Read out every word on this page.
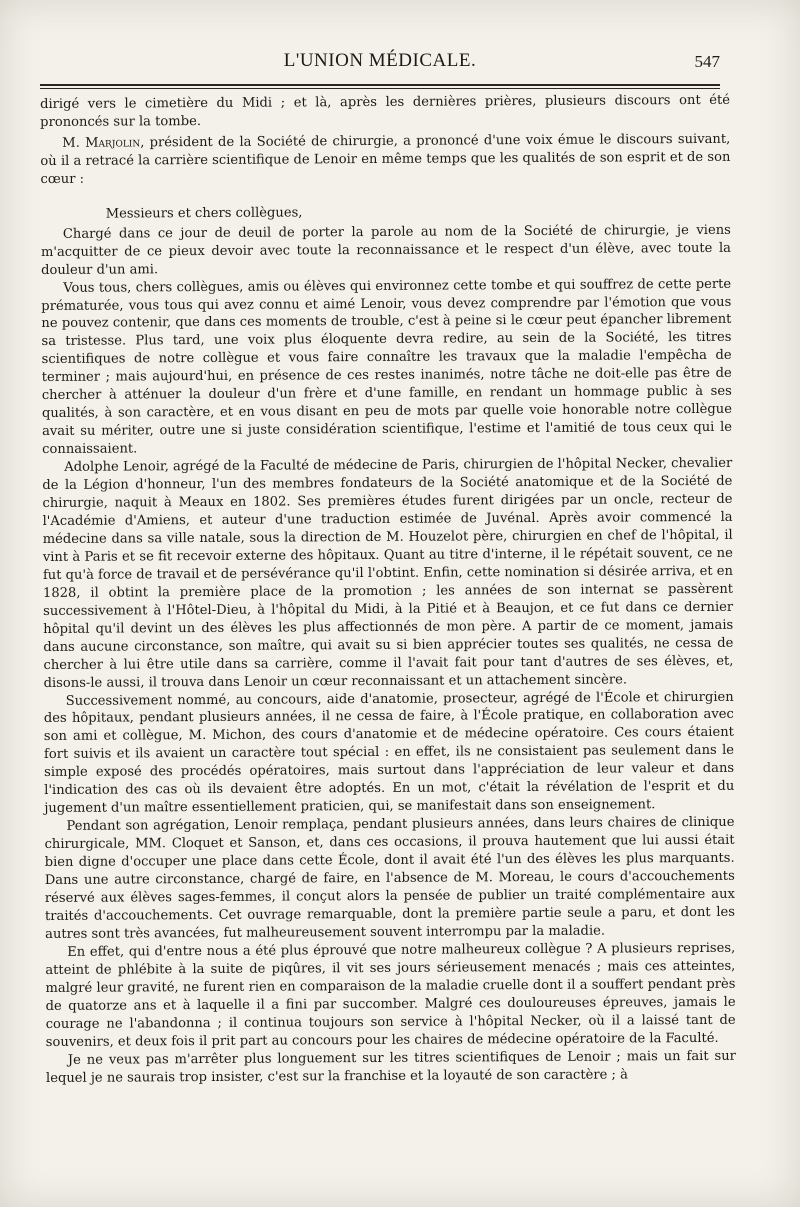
L'UNION MÉDICALE.	547

dirigé vers le cimetière du Midi ; et là, après les dernières prières, plusieurs discours ont été prononcés sur la tombe.

M. Marjolin, président de la Société de chirurgie, a prononcé d'une voix émue le discours suivant, où il a retracé la carrière scientifique de Lenoir en même temps que les qualités de son esprit et de son cœur :

Messieurs et chers collègues,

Chargé dans ce jour de deuil de porter la parole au nom de la Société de chirurgie, je viens m'acquitter de ce pieux devoir avec toute la reconnaissance et le respect d'un élève, avec toute la douleur d'un ami.

Vous tous, chers collègues, amis ou élèves qui environnez cette tombe et qui souffrez de cette perte prématurée, vous tous qui avez connu et aimé Lenoir, vous devez comprendre par l'émotion que vous ne pouvez contenir, que dans ces moments de trouble, c'est à peine si le cœur peut épancher librement sa tristesse. Plus tard, une voix plus éloquente devra redire, au sein de la Société, les titres scientifiques de notre collègue et vous faire connaître les travaux que la maladie l'empêcha de terminer ; mais aujourd'hui, en présence de ces restes inanimés, notre tâche ne doit-elle pas être de chercher à atténuer la douleur d'un frère et d'une famille, en rendant un hommage public à ses qualités, à son caractère, et en vous disant en peu de mots par quelle voie honorable notre collègue avait su mériter, outre une si juste considération scientifique, l'estime et l'amitié de tous ceux qui le connaissaient.

Adolphe Lenoir, agrégé de la Faculté de médecine de Paris, chirurgien de l'hôpital Necker, chevalier de la Légion d'honneur, l'un des membres fondateurs de la Société anatomique et de la Société de chirurgie, naquit à Meaux en 1802. Ses premières études furent dirigées par un oncle, recteur de l'Académie d'Amiens, et auteur d'une traduction estimée de Juvénal. Après avoir commencé la médecine dans sa ville natale, sous la direction de M. Houzelot père, chirurgien en chef de l'hôpital, il vint à Paris et se fit recevoir externe des hôpitaux. Quant au titre d'interne, il le répétait souvent, ce ne fut qu'à force de travail et de persévérance qu'il l'obtint. Enfin, cette nomination si désirée arriva, et en 1828, il obtint la première place de la promotion ; les années de son internat se passèrent successivement à l'Hôtel-Dieu, à l'hôpital du Midi, à la Pitié et à Beaujon, et ce fut dans ce dernier hôpital qu'il devint un des élèves les plus affectionnés de mon père. A partir de ce moment, jamais dans aucune circonstance, son maître, qui avait su si bien apprécier toutes ses qualités, ne cessa de chercher à lui être utile dans sa carrière, comme il l'avait fait pour tant d'autres de ses élèves, et, disons-le aussi, il trouva dans Lenoir un cœur reconnaissant et un attachement sincère.

Successivement nommé, au concours, aide d'anatomie, prosecteur, agrégé de l'École et chirurgien des hôpitaux, pendant plusieurs années, il ne cessa de faire, à l'École pratique, en collaboration avec son ami et collègue, M. Michon, des cours d'anatomie et de médecine opératoire. Ces cours étaient fort suivis et ils avaient un caractère tout spécial : en effet, ils ne consistaient pas seulement dans le simple exposé des procédés opératoires, mais surtout dans l'appréciation de leur valeur et dans l'indication des cas où ils devaient être adoptés. En un mot, c'était la révélation de l'esprit et du jugement d'un maître essentiellement praticien, qui, se manifestait dans son enseignement.

Pendant son agrégation, Lenoir remplaça, pendant plusieurs années, dans leurs chaires de clinique chirurgicale, MM. Cloquet et Sanson, et, dans ces occasions, il prouva hautement que lui aussi était bien digne d'occuper une place dans cette École, dont il avait été l'un des élèves les plus marquants. Dans une autre circonstance, chargé de faire, en l'absence de M. Moreau, le cours d'accouchements réservé aux élèves sages-femmes, il conçut alors la pensée de publier un traité complémentaire aux traités d'accouchements. Cet ouvrage remarquable, dont la première partie seule a paru, et dont les autres sont très avancées, fut malheureusement souvent interrompu par la maladie.

En effet, qui d'entre nous a été plus éprouvé que notre malheureux collègue ? A plusieurs reprises, atteint de phlébite à la suite de piqûres, il vit ses jours sérieusement menacés ; mais ces atteintes, malgré leur gravité, ne furent rien en comparaison de la maladie cruelle dont il a souffert pendant près de quatorze ans et à laquelle il a fini par succomber. Malgré ces douloureuses épreuves, jamais le courage ne l'abandonna ; il continua toujours son service à l'hôpital Necker, où il a laissé tant de souvenirs, et deux fois il prit part au concours pour les chaires de médecine opératoire de la Faculté.

Je ne veux pas m'arrêter plus longuement sur les titres scientifiques de Lenoir ; mais un fait sur lequel je ne saurais trop insister, c'est sur la franchise et la loyauté de son caractère ; à
